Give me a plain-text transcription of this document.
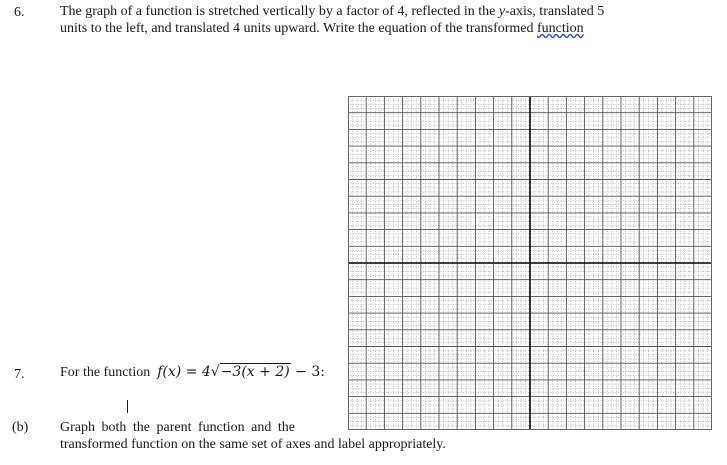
6.	The graph of a function is stretched vertically by a factor of 4, reflected in the y-axis, translated 5
units to the left, and translated 4 units upward. Write the equation of the transformed function
7.	For the function f(x) = 4√−3(x + 2) − 3:
(b) Graph both the parent function and the
transformed function on the same set of axes and label appropriately.
